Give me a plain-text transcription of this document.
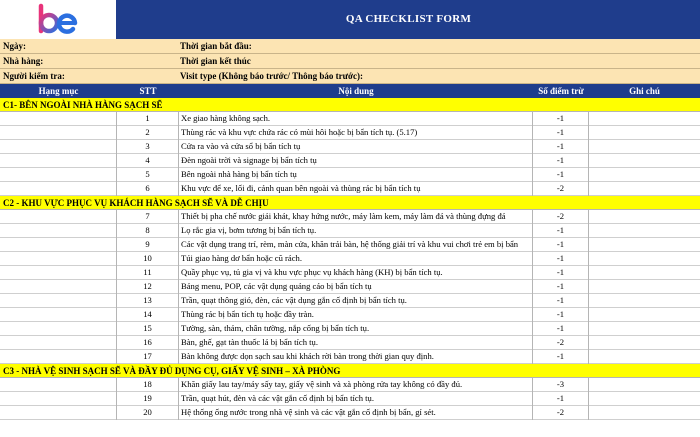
QA CHECKLIST FORM
Ngày:	Thời gian bắt đầu:
Nhà hàng:	Thời gian kết thúc
Người kiểm tra:	Visit type (Không báo trước/ Thông báo trước):
Hạng mục	STT	Nội dung	Số điểm trừ	Ghi chú
C1- BÊN NGOÀI NHÀ HÀNG SẠCH SẼ
1	Xe giao hàng không sạch.	-1
2	Thùng rác và khu vực chứa rác có mùi hôi hoặc bị bẩn tích tụ. (5.17)	-1
3	Cửa ra vào và cửa sổ bị bẩn tích tụ	-1
4	Đèn ngoài trời và signage bị bẩn tích tụ	-1
5	Bên ngoài nhà hàng bị bẩn tích tụ	-1
6	Khu vực để xe, lối đi, cảnh quan bên ngoài và thùng rác bị bẩn tích tụ	-2
C2 - KHU VỰC PHỤC VỤ KHÁCH HÀNG SẠCH SẼ VÀ DỄ CHỊU
7	Thiết bị pha chế nước giải khát, khay hứng nước, máy làm kem, máy làm đá và thùng đựng đá	-2
8	Lọ rắc gia vị, bơm tương bị bẩn tích tụ.	-1
9	Các vật dụng trang trí, rèm, màn cửa, khăn trải bàn, hệ thống giải trí và khu vui chơi trẻ em bị bẩn	-1
10	Túi giao hàng dơ bẩn hoặc cũ rách.	-1
11	Quầy phục vụ, tủ gia vị và khu vực phục vụ khách hàng (KH) bị bẩn tích tụ.	-1
12	Bảng menu, POP, các vật dụng quảng cáo bị bẩn tích tụ	-1
13	Trần, quạt thông gió, đèn, các vật dụng gắn cố định bị bẩn tích tụ.	-1
14	Thùng rác bị bẩn tích tụ hoặc đầy tràn.	-1
15	Tường, sàn, thảm, chân tường, nắp cống bị bẩn tích tụ.	-1
16	Bàn, ghế, gạt tàn thuốc lá bị bẩn tích tụ.	-2
17	Bàn không được dọn sạch sau khi khách rời bàn trong thời gian quy định.	-1
C3 - NHÀ VỆ SINH SẠCH SẼ VÀ ĐẦY ĐỦ DỤNG CỤ, GIẤY VỆ SINH – XÀ PHÒNG
18	Khăn giấy lau tay/máy sấy tay, giấy vệ sinh và xà phòng rửa tay không có đầy đủ.	-3
19	Trần, quạt hút, đèn và các vật gắn cố định bị bẩn tích tụ.	-1
20	Hệ thống ống nước trong nhà vệ sinh và các vật gắn cố định bị bẩn, gỉ sét.	-2
